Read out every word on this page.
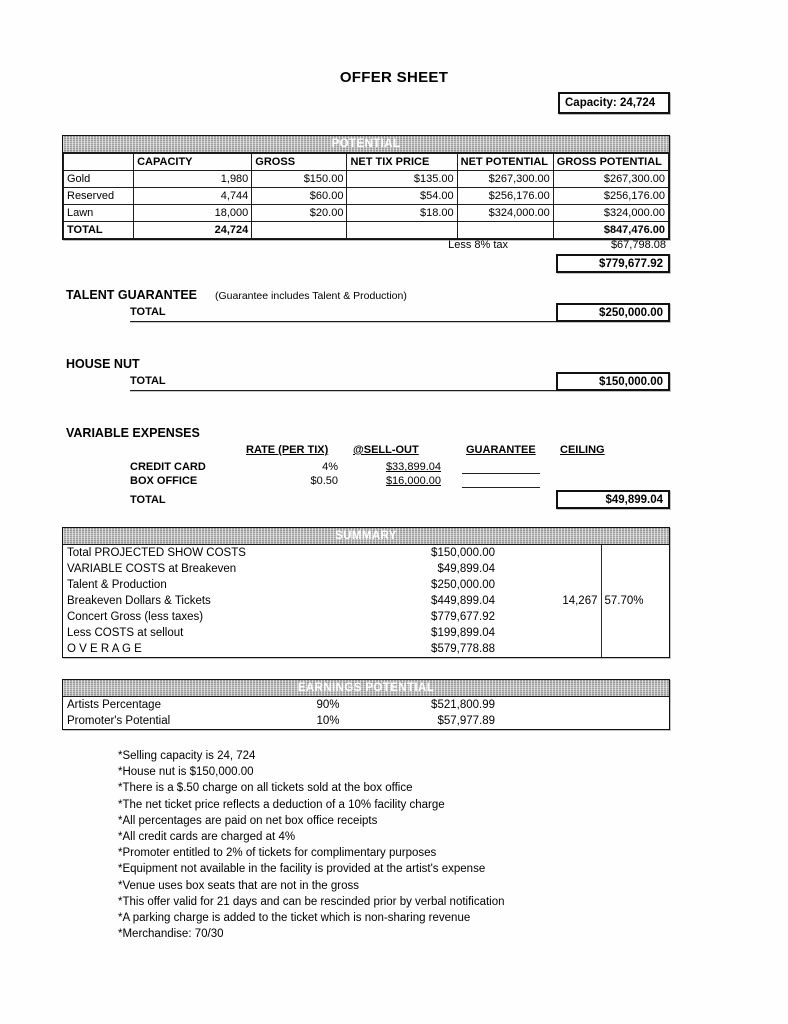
OFFER SHEET
Capacity: 24,724
POTENTIAL
	CAPACITY	GROSS	NET TIX PRICE	NET POTENTIAL	GROSS POTENTIAL
Gold	1,980	$150.00	$135.00	$267,300.00	$267,300.00
Reserved	4,744	$60.00	$54.00	$256,176.00	$256,176.00
Lawn	18,000	$20.00	$18.00	$324,000.00	$324,000.00
TOTAL	24,724				$847,476.00
Less 8% tax	$67,798.08
$779,677.92
TALENT GUARANTEE (Guarantee includes Talent & Production)
TOTAL	$250,000.00
HOUSE NUT
TOTAL	$150,000.00
VARIABLE EXPENSES
RATE (PER TIX) @SELL-OUT	GUARANTEE CEILING
CREDIT CARD	4%	$33,899.04
BOX OFFICE	$0.50	$16,000.00
TOTAL	$49,899.04
SUMMARY
Total PROJECTED SHOW COSTS	$150,000.00		
VARIABLE COSTS at Breakeven	$49,899.04		
Talent & Production	$250,000.00		
Breakeven Dollars & Tickets	$449,899.04	14,267	57.70%
Concert Gross (less taxes)	$779,677.92		
Less COSTS at sellout	$199,899.04		
O V E R A G E	$579,778.88		
EARNINGS POTENTIAL
Artists Percentage	90%	$521,800.99	
Promoter's Potential	10%	$57,977.89	
*Selling capacity is 24, 724
*House nut is $150,000.00
*There is a $.50 charge on all tickets sold at the box office
*The net ticket price reflects a deduction of a 10% facility charge
*All percentages are paid on net box office receipts
*All credit cards are charged at 4%
*Promoter entitled to 2% of tickets for complimentary purposes
*Equipment not available in the facility is provided at the artist's expense
*Venue uses box seats that are not in the gross
*This offer valid for 21 days and can be rescinded prior by verbal notification
*A parking charge is added to the ticket which is non-sharing revenue
*Merchandise: 70/30
